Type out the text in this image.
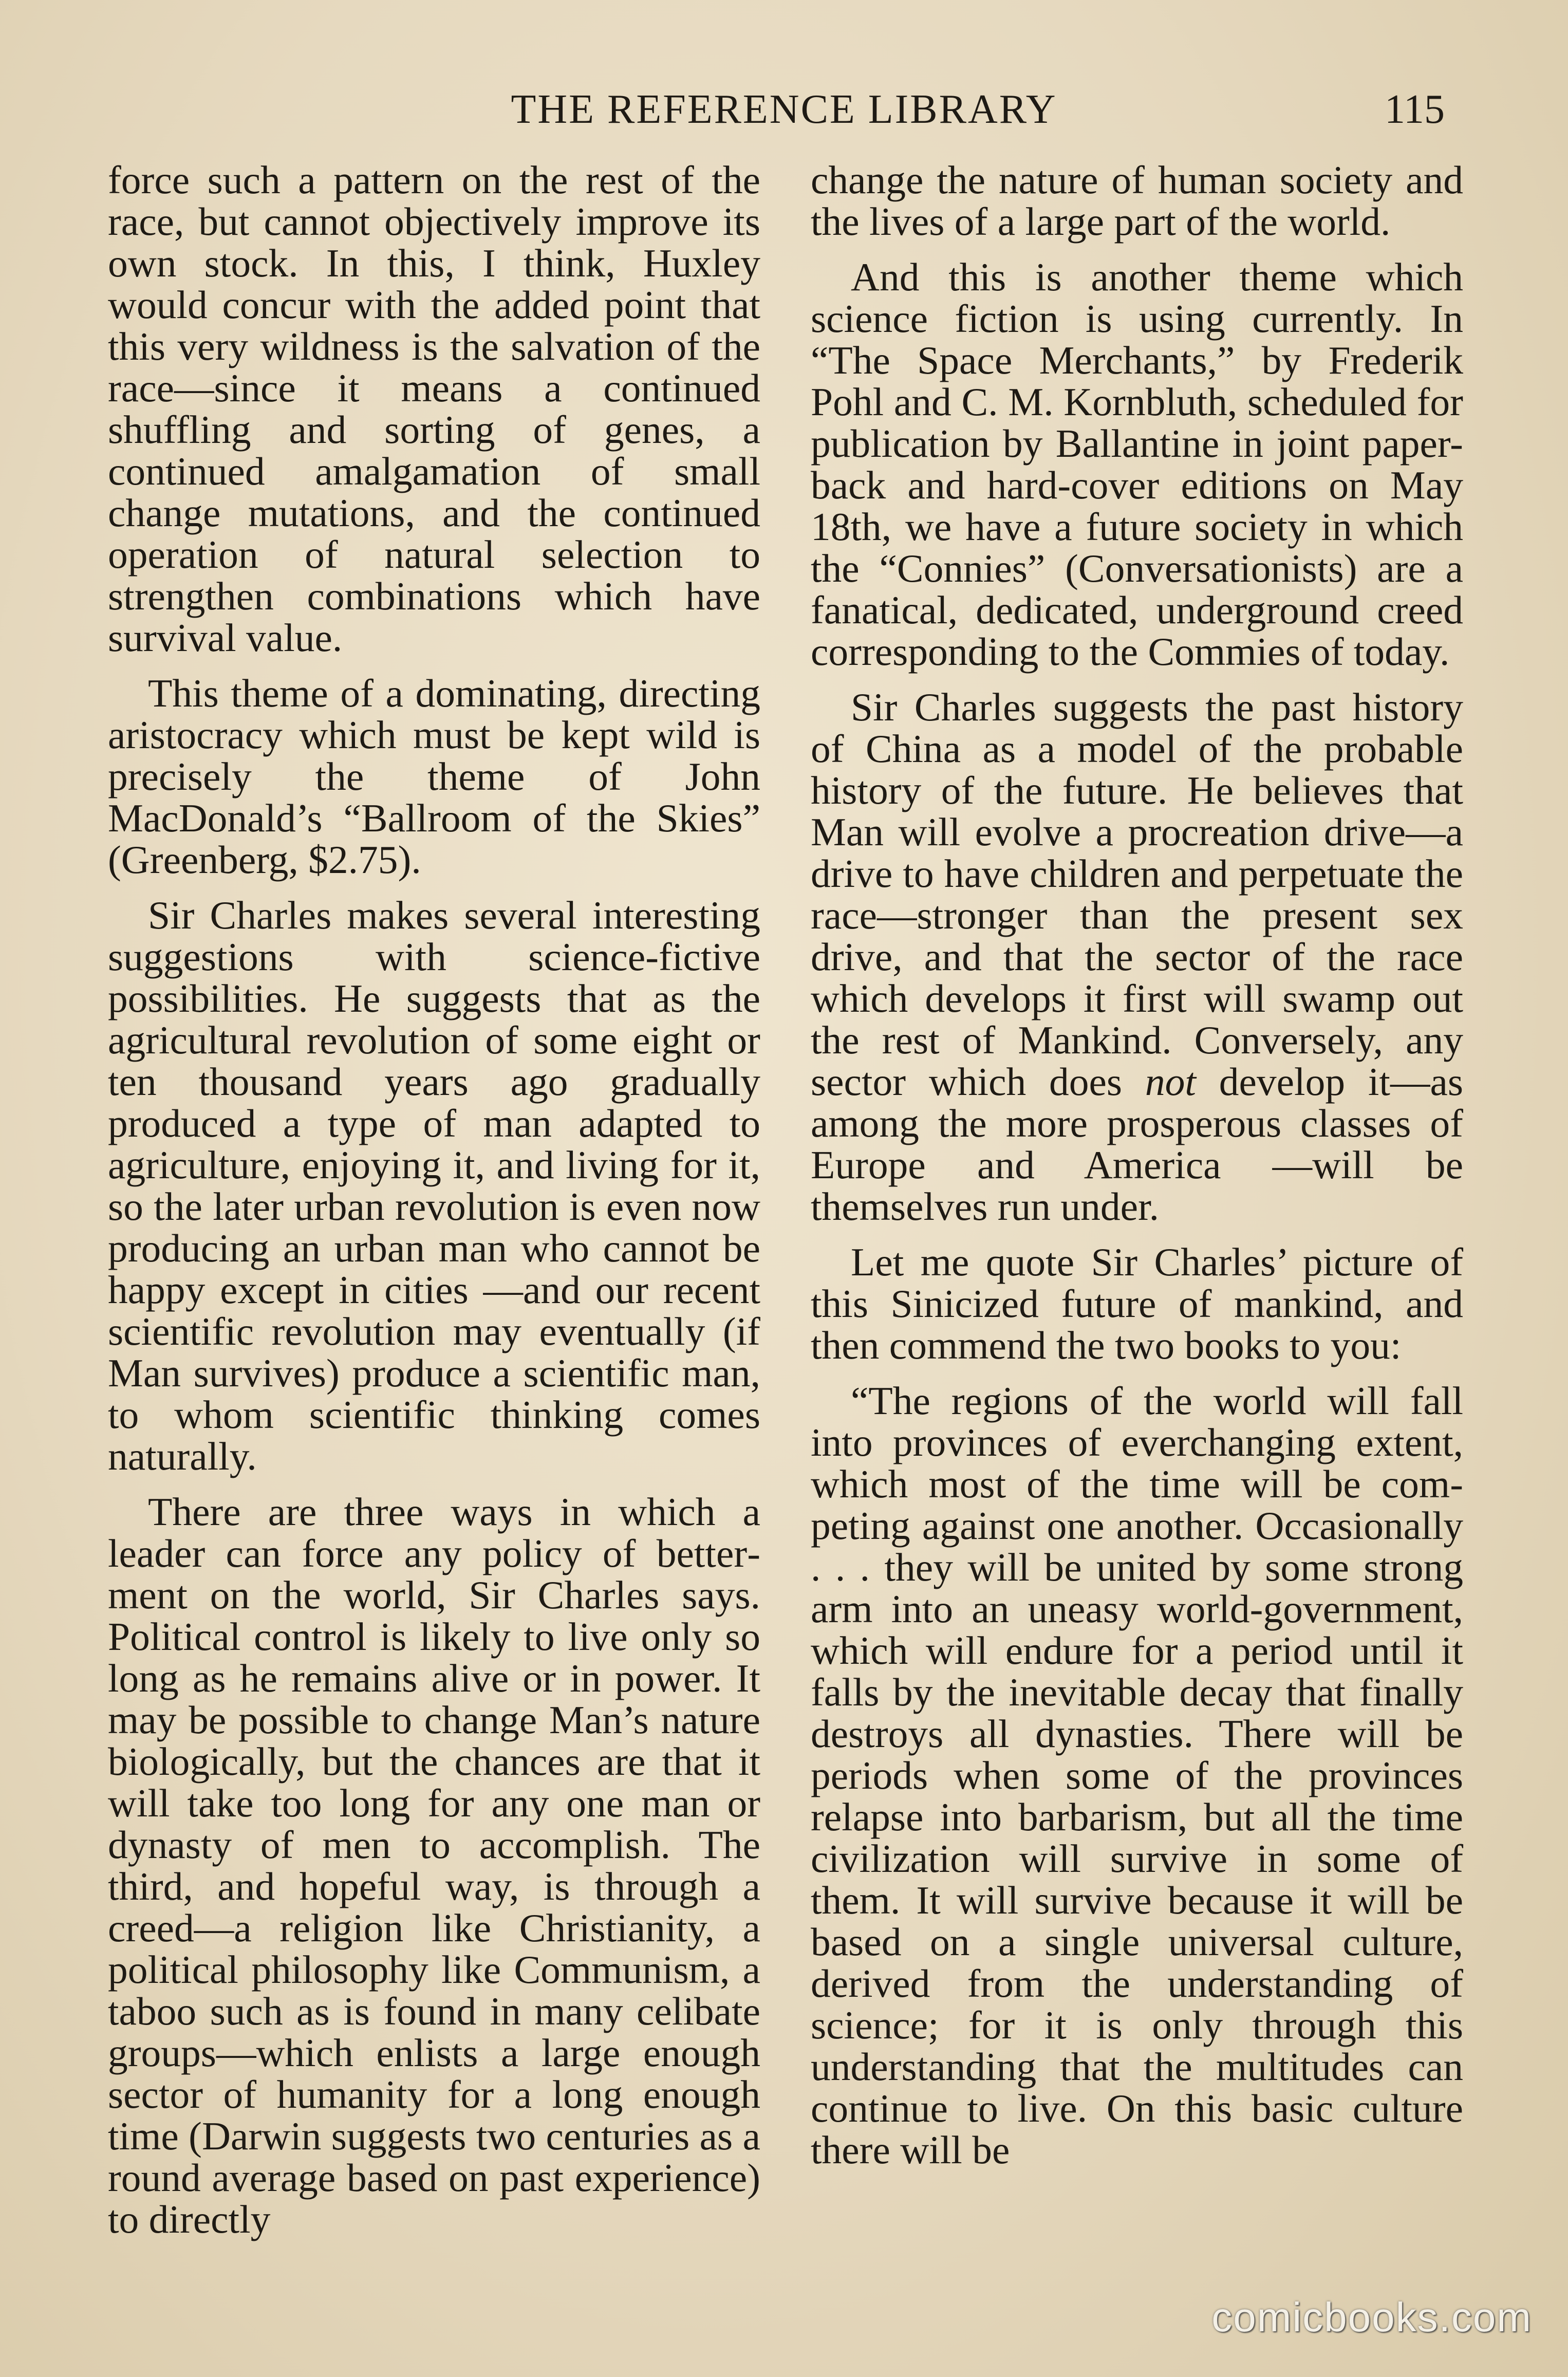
THE REFERENCE LIBRARY	115

force such a pattern on the rest of the race, but cannot objectively improve its own stock. In this, I think, Huxley would concur with the added point that this very wildness is the salvation of the race—since it means a continued shuffling and sorting of genes, a continued amalgamation of small change mutations, and the continued operation of natural selection to strengthen combinations which have survival value.

This theme of a dominating, directing aristocracy which must be kept wild is precisely the theme of John MacDonald’s “Ballroom of the Skies” (Greenberg, $2.75).

Sir Charles makes several interesting suggestions with science-fictive possibilities. He suggests that as the agricultural revolution of some eight or ten thousand years ago gradually produced a type of man adapted to agriculture, enjoying it, and living for it, so the later urban revolution is even now producing an urban man who cannot be happy except in cities —and our recent scientific revolution may eventually (if Man survives) produce a scientific man, to whom scientific thinking comes naturally.

There are three ways in which a leader can force any policy of betterment on the world, Sir Charles says. Political control is likely to live only so long as he remains alive or in power. It may be possible to change Man’s nature biologically, but the chances are that it will take too long for any one man or dynasty of men to accomplish. The third, and hopeful way, is through a creed—a religion like Christianity, a political philosophy like Communism, a taboo such as is found in many celibate groups—which enlists a large enough sector of humanity for a long enough time (Darwin suggests two centuries as a round average based on past experience) to directly

change the nature of human society and the lives of a large part of the world.

And this is another theme which science fiction is using currently. In “The Space Merchants,” by Frederik Pohl and C. M. Kornbluth, scheduled for publication by Ballantine in joint paper-back and hard-cover editions on May 18th, we have a future society in which the “Connies” (Conversationists) are a fanatical, dedicated, underground creed corresponding to the Commies of today.

Sir Charles suggests the past history of China as a model of the probable history of the future. He believes that Man will evolve a procreation drive—a drive to have children and perpetuate the race—stronger than the present sex drive, and that the sector of the race which develops it first will swamp out the rest of Mankind. Conversely, any sector which does not develop it—as among the more prosperous classes of Europe and America —will be themselves run under.

Let me quote Sir Charles’ picture of this Sinicized future of mankind, and then commend the two books to you:

“The regions of the world will fall into provinces of everchanging extent, which most of the time will be competing against one another. Occasionally . . . they will be united by some strong arm into an uneasy world-government, which will endure for a period until it falls by the inevitable decay that finally destroys all dynasties. There will be periods when some of the provinces relapse into barbarism, but all the time civilization will survive in some of them. It will survive because it will be based on a single universal culture, derived from the understanding of science; for it is only through this understanding that the multitudes can continue to live. On this basic culture there will be

comicbooks.com
